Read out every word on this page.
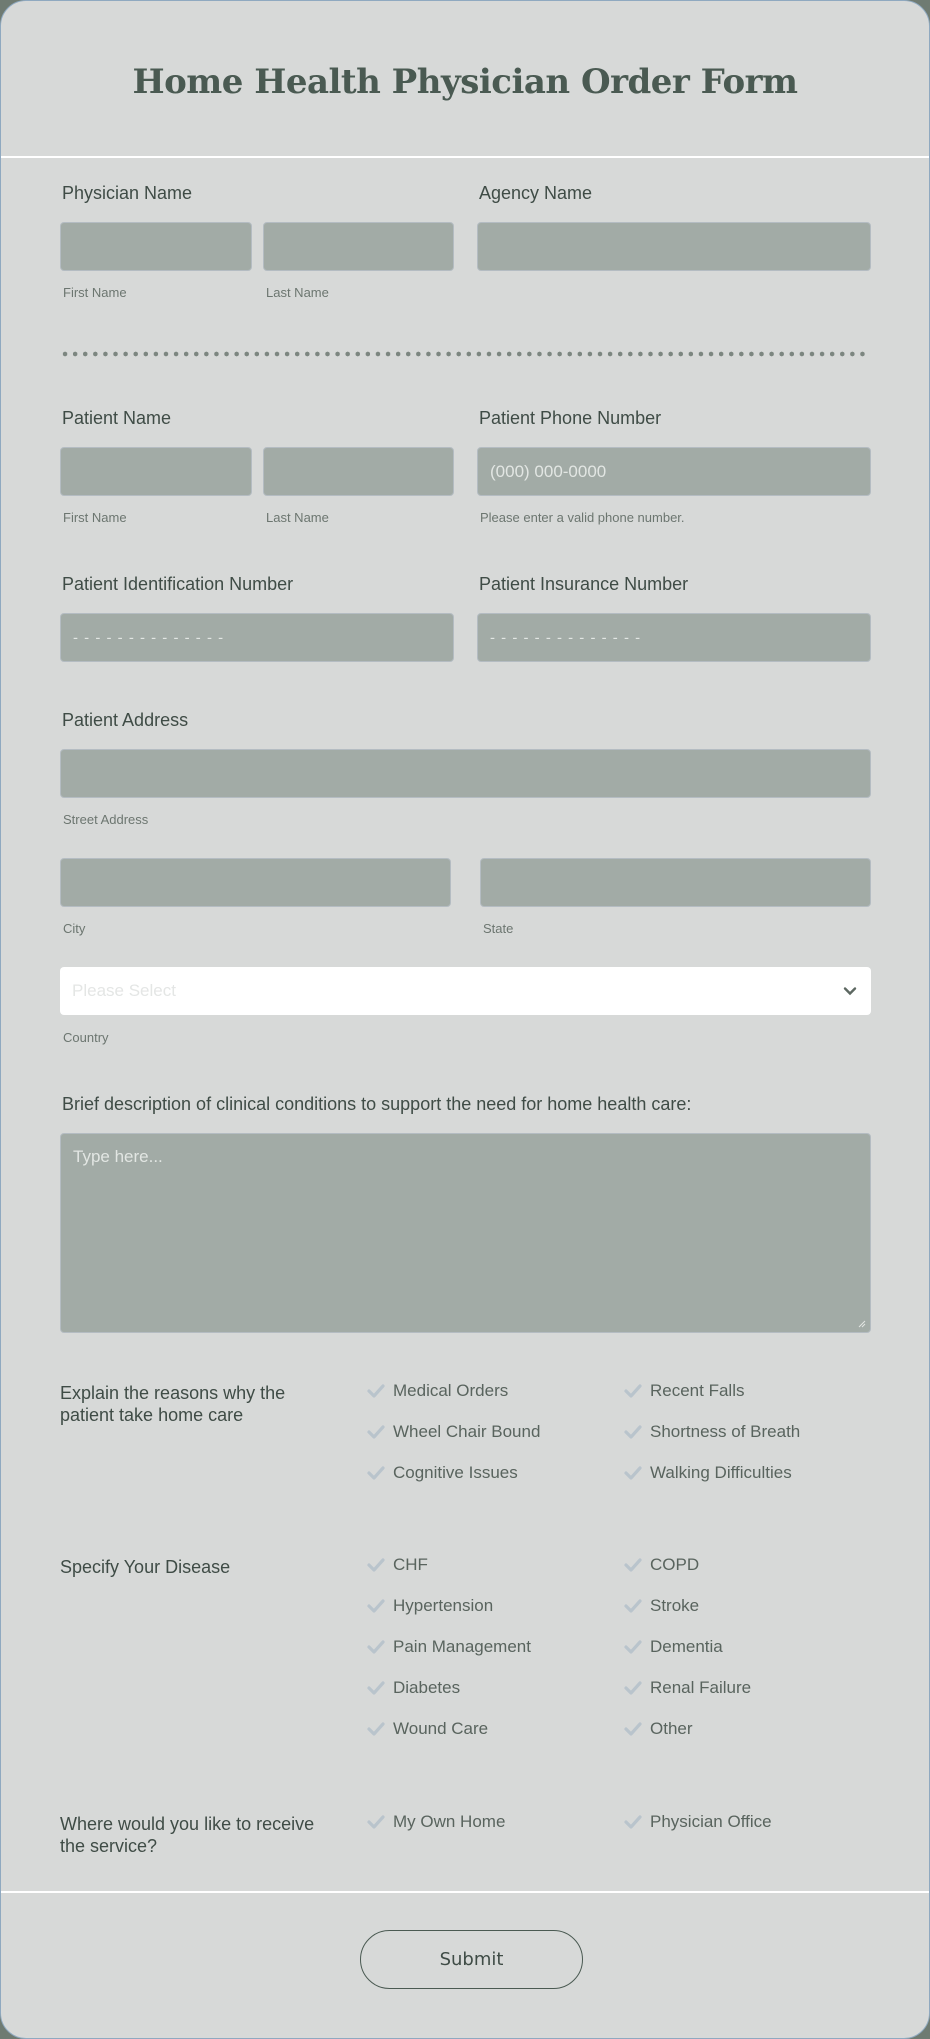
Home Health Physician Order Form
Physician Name
First Name	Last Name
Agency Name
Patient Name
First Name	Last Name
Patient Phone Number
(000) 000-0000
Please enter a valid phone number.
Patient Identification Number
- - - - - - - - - - - - - -
Patient Insurance Number
- - - - - - - - - - - - - -
Patient Address
Street Address
City	State
Please Select
Country
Brief description of clinical conditions to support the need for home health care:
Type here...
Explain the reasons why the patient take home care
Medical Orders	Recent Falls
Wheel Chair Bound	Shortness of Breath
Cognitive Issues	Walking Difficulties
Specify Your Disease	CHF	COPD
Hypertension	Stroke
Pain Management	Dementia
Diabetes	Renal Failure
Wound Care	Other
Where would you like to receive the service?
My Own Home	Physician Office
Submit
